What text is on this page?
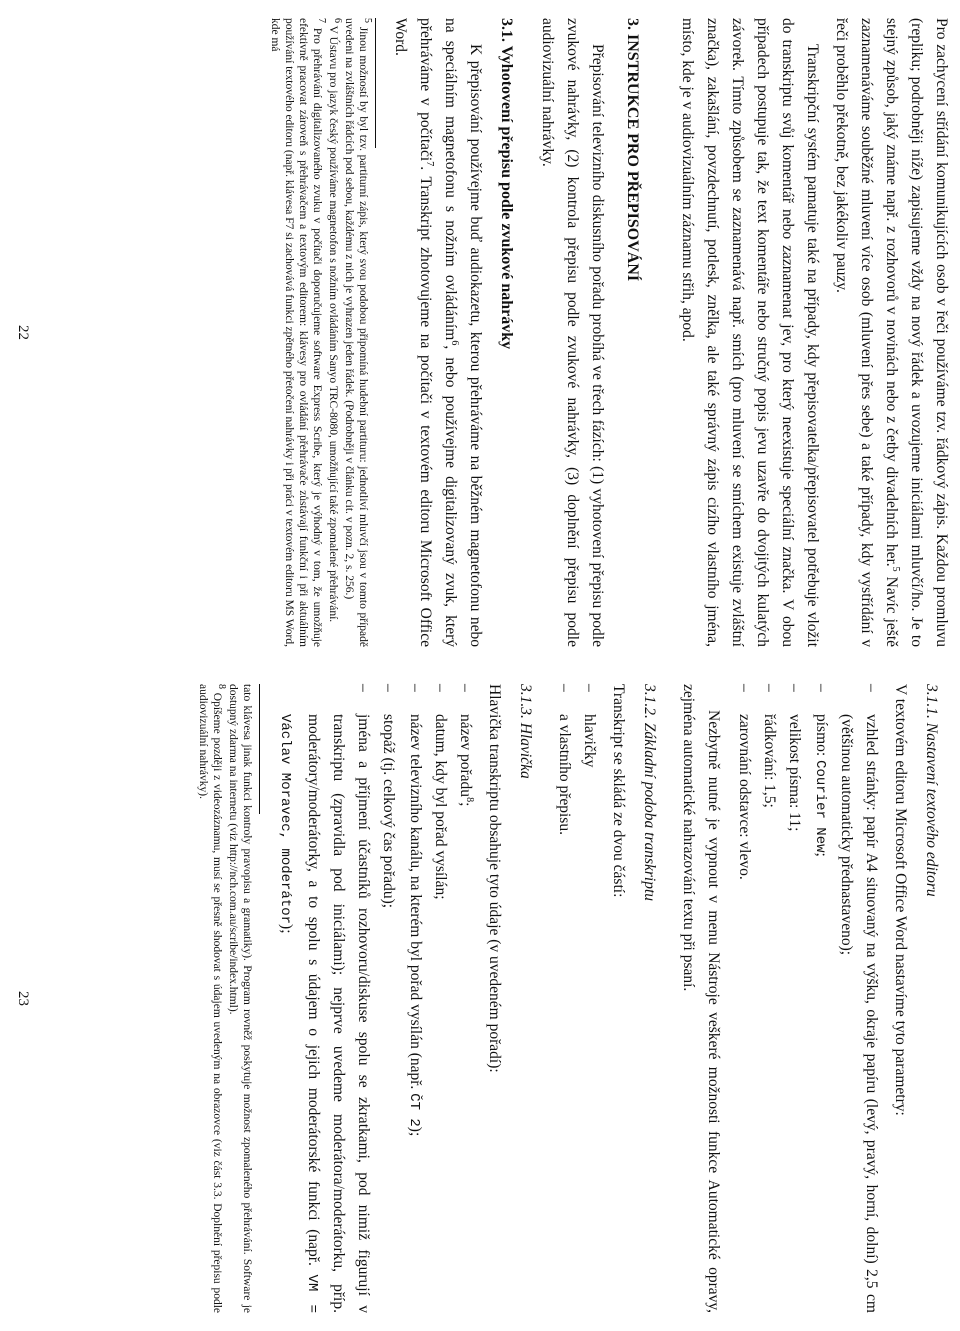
Pro zachycení střídání komunikujících osob v řeči používáme tzv. řádkový zápis. Každou promluvu (repliku; podrobněji níže) zapisujeme vždy na nový řádek a uvozujeme iniciálami mluvčí/ho. Je to stejný způsob, jaký známe např. z rozhovorů v novinách nebo z četby divadelních her.$^5$ Navíc ještě zaznamenáváme souběžné mluvení více osob (mluvení přes sebe) a také případy, kdy vystřídání v řeči proběhlo překotně, bez jakékoliv pauzy.

Transkripční systém pamatuje také na případy, kdy přepisovatelka/přepisovatel potřebuje vložit do transkriptu svůj komentář nebo zaznamenat jev, pro který neexistuje speciální značka. V obou případech postupuje tak, že text komentáře nebo stručný popis jevu uzavře do dvojitých kulatých závorek. Tímto způsobem se zaznamenává např. smích (pro mluvení se smíchem existuje zvláštní značka), zakašlání, povzdechnutí, potlesk, znělka, ale také správný zápis cizího vlastního jména, místo, kde je v audiovizuálním záznamu střih, apod.

3. INSTRUKCE PRO PŘEPISOVÁNÍ

Přepisování televizního diskusního pořadu probíhá ve třech fázích: (1) vyhotovení přepisu podle zvukové nahrávky, (2) kontrola přepisu podle zvukové nahrávky, (3) doplnění přepisu podle audiovizuální nahrávky.

3.1. Vyhotovení přepisu podle zvukové nahrávky

K přepisování používejme buď audiokazetu, kterou přehráváme na běžném magnetofonu nebo na speciálním magnetofonu s nožním ovládáním$^6$, nebo používejme digitalizovaný zvuk, který přehráváme v počítači$^7$. Transkript zhotovujeme na počítači v textovém editoru Microsoft Office Word.

$^5$ Jinou možností by byl tzv. partiturní zápis, který svou podobou připomíná hudební partituru: jednotliví mluvčí jsou v tomto případě uvedeni na zvláštních řádcích pod sebou, každému z nich je vyhrazen jeden řádek. (Podrobněji v článku cit. v pozn. 2, s. 256.)

$^6$ V Ústavu pro jazyk český používáme magnetofon s nožním ovládáním Sanyo TRC-8080, umožňující také zpomalené přehrávání.

$^7$ Pro přehrávání digitalizovaného zvuku v počítači doporučujeme software Express Scribe, který je výhodný v tom, že umožňuje efektivně pracovat zároveň s přehrávačem a textovým editorem: klávesy pro ovládání přehrávače zůstávají funkční i při aktuálním používání textového editoru (např. klávesa F7 si zachovává funkci zpětného přetočení nahrávky i při práci v textovém editoru MS Word, kde má

22
3.1.1. Nastavení textového editoru

V textovém editoru Microsoft Office Word nastavíme tyto parametry:

–
vzhled stránky: papír A4 situovaný na výšku, okraje papíru (levý, pravý, horní, dolní) 2,5 cm (většinou automaticky přednastaveno);
–
písmo: Courier New;
–
velikost písma: 11;
–
řádkování: 1,5;
–
zarovnání odstavce: vlevo.

Nezbytně nutné je vypnout v menu Nástroje veškeré možnosti funkce Automatické opravy, zejména automatické nahrazování textu při psaní.

3.1.2. Základní podoba transkriptu

Transkript se skládá ze dvou částí:

–
hlavičky
–
a vlastního přepisu.
3.1.3. Hlavička

Hlavička transkriptu obsahuje tyto údaje (v uvedeném pořadí):

–
název pořadu$^8$;
–
datum, kdy byl pořad vysílán;
–
název televizního kanálu, na kterém byl pořad vysílán (např. ČT 2);
–
stopáž (tj. celkový čas pořadu);
–
jména a příjmení účastníků rozhovoru/diskuse spolu se zkratkami, pod nimiž figurují v transkriptu (zpravidla pod iniciálami); nejprve uvedeme moderátora/moderátorku, příp. moderátory/moderátorky, a to spolu s údajem o jejich moderátorské funkci (např. VM = Václav Moravec, moderátor);

tato klávesa jinak funkci kontroly pravopisu a gramatiky). Program rovněž poskytuje možnost zpomaleného přehrávání. Software je dostupný zdarma na internetu (viz http://nch.com.au/scribe/index.html).

$^8$ Opíšeme později z videozáznamu, musí se přesně shodovat s údajem uvedeným na obrazovce (viz část 3.3. Doplnění přepisu podle audiovizuální nahrávky).

23
